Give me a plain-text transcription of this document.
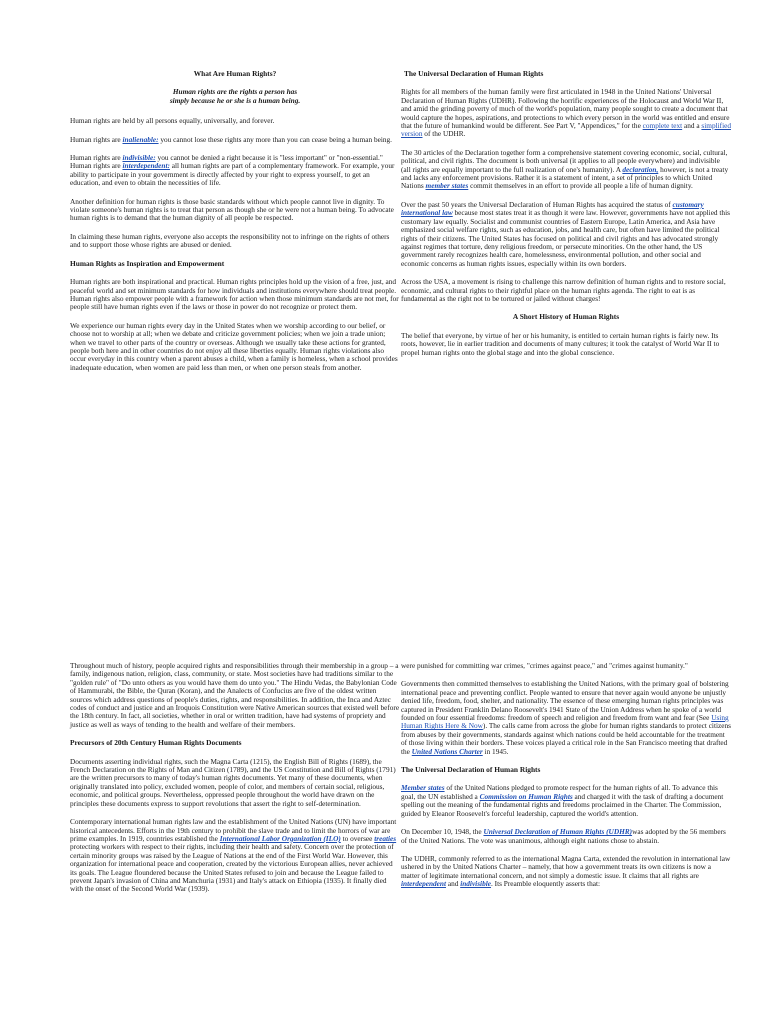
What Are Human Rights?

Human rights are the rights a person has
simply because he or she is a human being.

Human rights are held by all persons equally, universally, and forever.

Human rights are inalienable: you cannot lose these rights any more than you can cease being a human being.

Human rights are indivisible: you cannot be denied a right because it is "less important" or "non-essential." Human rights are interdependent: all human rights are part of a complementary framework. For example, your ability to participate in your government is directly affected by your right to express yourself, to get an education, and even to obtain the necessities of life.

Another definition for human rights is those basic standards without which people cannot live in dignity. To violate someone's human rights is to treat that person as though she or he were not a human being. To advocate human rights is to demand that the human dignity of all people be respected.

In claiming these human rights, everyone also accepts the responsibility not to infringe on the rights of others and to support those whose rights are abused or denied.

Human Rights as Inspiration and Empowerment

Human rights are both inspirational and practical. Human rights principles hold up the vision of a free, just, and peaceful world and set minimum standards for how individuals and institutions everywhere should treat people. Human rights also empower people with a framework for action when those minimum standards are not met, for people still have human rights even if the laws or those in power do not recognize or protect them.

We experience our human rights every day in the United States when we worship according to our belief, or choose not to worship at all; when we debate and criticize government policies; when we join a trade union; when we travel to other parts of the country or overseas. Although we usually take these actions for granted, people both here and in other countries do not enjoy all these liberties equally. Human rights violations also occur everyday in this country when a parent abuses a child, when a family is homeless, when a school provides inadequate education, when women are paid less than men, or when one person steals from another.

The Universal Declaration of Human Rights

Rights for all members of the human family were first articulated in 1948 in the United Nations' Universal Declaration of Human Rights (UDHR). Following the horrific experiences of the Holocaust and World War II, and amid the grinding poverty of much of the world's population, many people sought to create a document that would capture the hopes, aspirations, and protections to which every person in the world was entitled and ensure that the future of humankind would be different. See Part V, "Appendices," for the complete text and a simplified version of the UDHR.

The 30 articles of the Declaration together form a comprehensive statement covering economic, social, cultural, political, and civil rights. The document is both universal (it applies to all people everywhere) and indivisible (all rights are equally important to the full realization of one's humanity). A declaration, however, is not a treaty and lacks any enforcement provisions. Rather it is a statement of intent, a set of principles to which United Nations member states commit themselves in an effort to provide all people a life of human dignity.

Over the past 50 years the Universal Declaration of Human Rights has acquired the status of customary international law because most states treat it as though it were law. However, governments have not applied this customary law equally. Socialist and communist countries of Eastern Europe, Latin America, and Asia have emphasized social welfare rights, such as education, jobs, and health care, but often have limited the political rights of their citizens. The United States has focused on political and civil rights and has advocated strongly against regimes that torture, deny religious freedom, or persecute minorities. On the other hand, the US government rarely recognizes health care, homelessness, environmental pollution, and other social and economic concerns as human rights issues, especially within its own borders.

Across the USA, a movement is rising to challenge this narrow definition of human rights and to restore social, economic, and cultural rights to their rightful place on the human rights agenda. The right to eat is as fundamental as the right not to be tortured or jailed without charges!

A Short History of Human Rights

The belief that everyone, by virtue of her or his humanity, is entitled to certain human rights is fairly new. Its roots, however, lie in earlier tradition and documents of many cultures; it took the catalyst of World War II to propel human rights onto the global stage and into the global conscience.

Throughout much of history, people acquired rights and responsibilities through their membership in a group – a family, indigenous nation, religion, class, community, or state. Most societies have had traditions similar to the "golden rule" of "Do unto others as you would have them do unto you." The Hindu Vedas, the Babylonian Code of Hammurabi, the Bible, the Quran (Koran), and the Analects of Confucius are five of the oldest written sources which address questions of people's duties, rights, and responsibilities. In addition, the Inca and Aztec codes of conduct and justice and an Iroquois Constitution were Native American sources that existed well before the 18th century. In fact, all societies, whether in oral or written tradition, have had systems of propriety and justice as well as ways of tending to the health and welfare of their members.

Precursors of 20th Century Human Rights Documents

Documents asserting individual rights, such the Magna Carta (1215), the English Bill of Rights (1689), the French Declaration on the Rights of Man and Citizen (1789), and the US Constitution and Bill of Rights (1791) are the written precursors to many of today's human rights documents. Yet many of these documents, when originally translated into policy, excluded women, people of color, and members of certain social, religious, economic, and political groups. Nevertheless, oppressed people throughout the world have drawn on the principles these documents express to support revolutions that assert the right to self-determination.

Contemporary international human rights law and the establishment of the United Nations (UN) have important historical antecedents. Efforts in the 19th century to prohibit the slave trade and to limit the horrors of war are prime examples. In 1919, countries established the International Labor Organization (ILO) to oversee treaties protecting workers with respect to their rights, including their health and safety. Concern over the protection of certain minority groups was raised by the League of Nations at the end of the First World War. However, this organization for international peace and cooperation, created by the victorious European allies, never achieved its goals. The League floundered because the United States refused to join and because the League failed to prevent Japan's invasion of China and Manchuria (1931) and Italy's attack on Ethiopia (1935). It finally died with the onset of the Second World War (1939).

were punished for committing war crimes, "crimes against peace," and "crimes against humanity."

Governments then committed themselves to establishing the United Nations, with the primary goal of bolstering international peace and preventing conflict. People wanted to ensure that never again would anyone be unjustly denied life, freedom, food, shelter, and nationality. The essence of these emerging human rights principles was captured in President Franklin Delano Roosevelt's 1941 State of the Union Address when he spoke of a world founded on four essential freedoms: freedom of speech and religion and freedom from want and fear (See Using Human Rights Here & Now). The calls came from across the globe for human rights standards to protect citizens from abuses by their governments, standards against which nations could be held accountable for the treatment of those living within their borders. These voices played a critical role in the San Francisco meeting that drafted the United Nations Charter in 1945.

The Universal Declaration of Human Rights

Member states of the United Nations pledged to promote respect for the human rights of all. To advance this goal, the UN established a Commission on Human Rights and charged it with the task of drafting a document spelling out the meaning of the fundamental rights and freedoms proclaimed in the Charter. The Commission, guided by Eleanor Roosevelt's forceful leadership, captured the world's attention.

On December 10, 1948, the Universal Declaration of Human Rights (UDHR)was adopted by the 56 members of the United Nations. The vote was unanimous, although eight nations chose to abstain.

The UDHR, commonly referred to as the international Magna Carta, extended the revolution in international law ushered in by the United Nations Charter – namely, that how a government treats its own citizens is now a matter of legitimate international concern, and not simply a domestic issue. It claims that all rights are interdependent and indivisible. Its Preamble eloquently asserts that:
